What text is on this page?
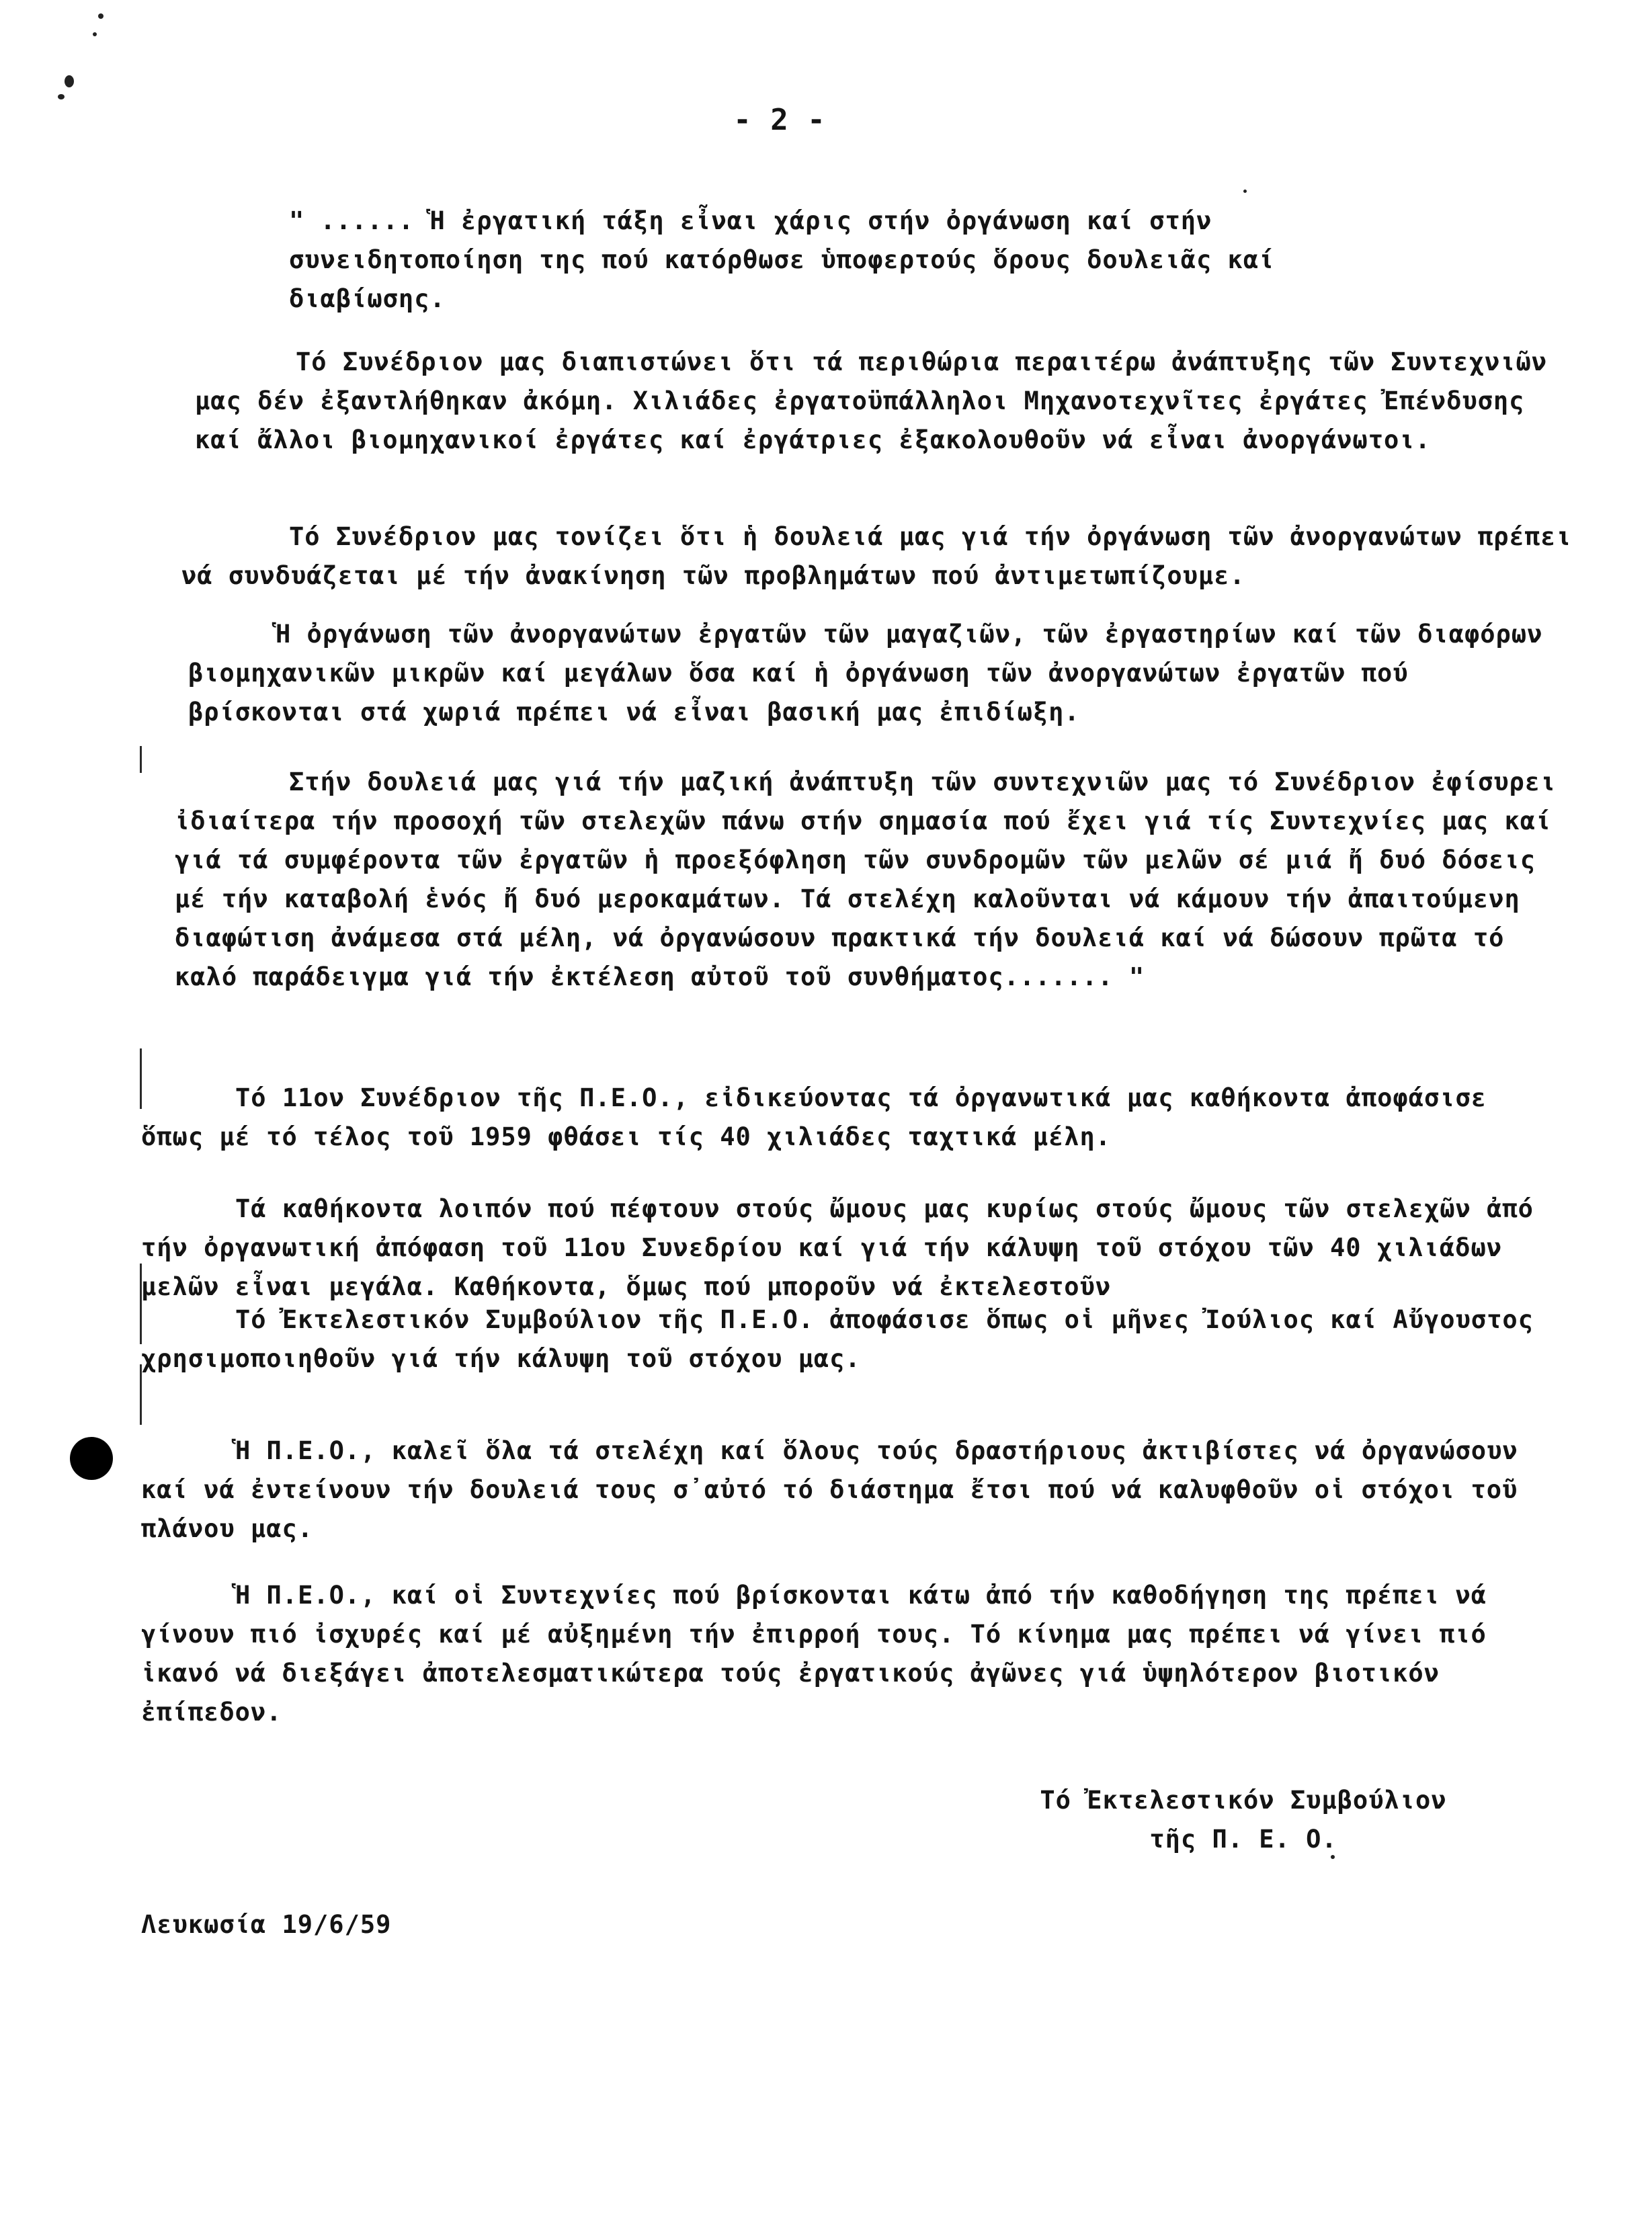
- 2 -

" ...... Ἡ ἐργατική τάξη εἶναι χάρις στήν ὀργάνωση καί στήν συνειδητοποίηση της πού κατόρθωσε ὑποφερτούς ὅρους δουλειᾶς καί διαβίωσης.

Τό Συνέδριον μας διαπιστώνει ὅτι τά περιθώρια περαιτέρω ἀνάπτυξης τῶν Συντεχνιῶν μας δέν ἐξαντλήθηκαν ἀκόμη. Χιλιάδες ἐργατοϋπάλληλοι Μηχανοτεχνῖτες ἐργάτες Ἐπένδυσης καί ἄλλοι βιομηχανικοί ἐργάτες καί ἐργάτριες ἐξακολουθοῦν νά εἶναι ἀνοργάνωτοι.

Τό Συνέδριον μας τονίζει ὅτι ἡ δουλειά μας γιά τήν ὀργάνωση τῶν ἀνοργανώτων πρέπει νά συνδυάζεται μέ τήν ἀνακίνηση τῶν προβλημάτων πού ἀντιμετωπίζουμε.

Ἡ ὀργάνωση τῶν ἀνοργανώτων ἐργατῶν τῶν μαγαζιῶν, τῶν ἐργαστηρίων καί τῶν διαφόρων βιομηχανικῶν μικρῶν καί μεγάλων ὅσα καί ἡ ὀργάνωση τῶν ἀνοργανώτων ἐργατῶν πού βρίσκονται στά χωριά πρέπει νά εἶναι βασική μας ἐπιδίωξη.

Στήν δουλειά μας γιά τήν μαζική ἀνάπτυξη τῶν συντεχνιῶν μας τό Συνέδριον ἐφίσυρει ἰδιαίτερα τήν προσοχή τῶν στελεχῶν πάνω στήν σημασία πού ἔχει γιά τίς Συντεχνίες μας καί γιά τά συμφέροντα τῶν ἐργατῶν ἡ προεξόφληση τῶν συνδρομῶν τῶν μελῶν σέ μιά ἤ δυό δόσεις μέ τήν καταβολή ἑνός ἤ δυό μεροκαμάτων. Τά στελέχη καλοῦνται νά κάμουν τήν ἀπαιτούμενη διαφώτιση ἀνάμεσα στά μέλη, νά ὀργανώσουν πρακτικά τήν δουλειά καί νά δώσουν πρῶτα τό καλό παράδειγμα γιά τήν ἐκτέλεση αὐτοῦ τοῦ συνθήματος....... "

Τό 11ον Συνέδριον τῆς Π.Ε.Ο., εἰδικεύοντας τά ὀργανωτικά μας καθήκοντα ἀποφάσισε ὅπως μέ τό τέλος τοῦ 1959 φθάσει τίς 40 χιλιάδες ταχτικά μέλη.

Τά καθήκοντα λοιπόν πού πέφτουν στούς ὤμους μας κυρίως στούς ὤμους τῶν στελεχῶν ἀπό τήν ὀργανωτική ἀπόφαση τοῦ 11ου Συνεδρίου καί γιά τήν κάλυψη τοῦ στόχου τῶν 40 χιλιάδων μελῶν εἶναι μεγάλα. Καθήκοντα, ὅμως πού μποροῦν νά ἐκτελεστοῦν

Τό Ἐκτελεστικόν Συμβούλιον τῆς Π.Ε.Ο. ἀποφάσισε ὅπως οἱ μῆνες Ἰούλιος καί Αὔγουστος χρησιμοποιηθοῦν γιά τήν κάλυψη τοῦ στόχου μας.

Ἡ Π.Ε.Ο., καλεῖ ὅλα τά στελέχη καί ὅλους τούς δραστήριους ἀκτιβίστες νά ὀργανώσουν καί νά ἐντείνουν τήν δουλειά τους σ᾽αὐτό τό διάστημα ἔτσι πού νά καλυφθοῦν οἱ στόχοι τοῦ πλάνου μας.

Ἡ Π.Ε.Ο., καί οἱ Συντεχνίες πού βρίσκονται κάτω ἀπό τήν καθοδήγηση της πρέπει νά γίνουν πιό ἰσχυρές καί μέ αὐξημένη τήν ἐπιρροή τους. Τό κίνημα μας πρέπει νά γίνει πιό ἱκανό νά διεξάγει ἀποτελεσματικώτερα τούς ἐργατικούς ἀγῶνες γιά ὑψηλότερον βιοτικόν ἐπίπεδον.

Τό Ἐκτελεστικόν Συμβούλιον

τῆς Π. Ε. Ο.

Λευκωσία 19/6/59
